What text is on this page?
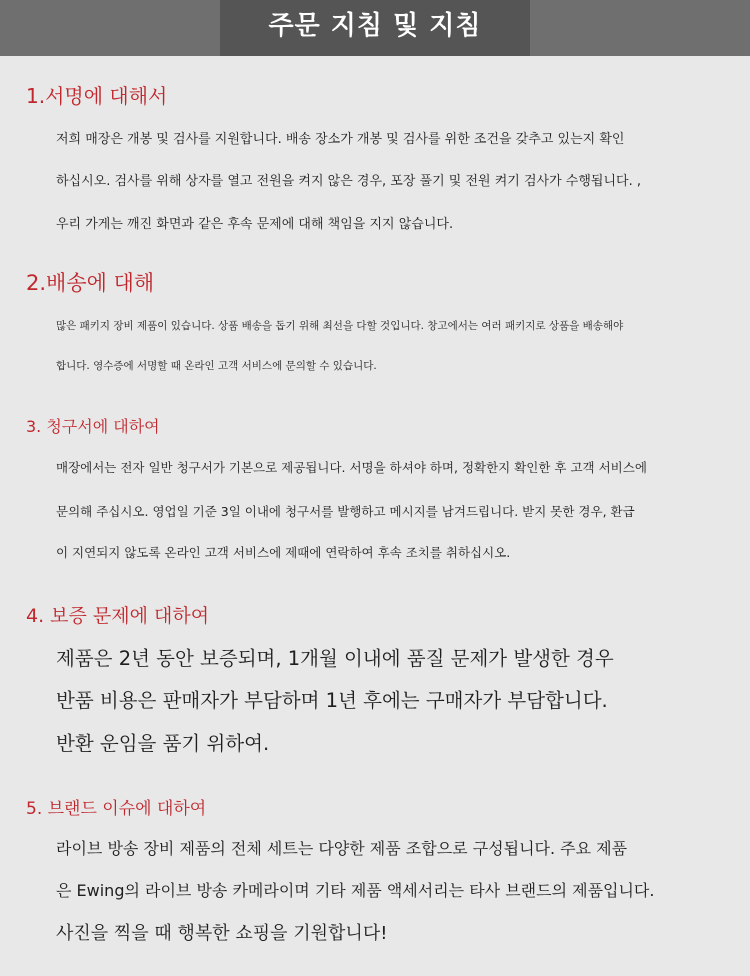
주문 지침 및 지침
1.서명에 대해서
저희 매장은 개봉 및 검사를 지원합니다. 배송 장소가 개봉 및 검사를 위한 조건을 갖추고 있는지 확인
하십시오. 검사를 위해 상자를 열고 전원을 켜지 않은 경우, 포장 풀기 및 전원 켜기 검사가 수행됩니다. ,
우리 가게는 깨진 화면과 같은 후속 문제에 대해 책임을 지지 않습니다.
2.배송에 대해
많은 패키지 장비 제품이 있습니다. 상품 배송을 돕기 위해 최선을 다할 것입니다. 창고에서는 여러 패키지로 상품을 배송해야
합니다. 영수증에 서명할 때 온라인 고객 서비스에 문의할 수 있습니다.
3. 청구서에 대하여
매장에서는 전자 일반 청구서가 기본으로 제공됩니다. 서명을 하셔야 하며, 정확한지 확인한 후 고객 서비스에
문의해 주십시오. 영업일 기준 3일 이내에 청구서를 발행하고 메시지를 남겨드립니다. 받지 못한 경우, 환급
이 지연되지 않도록 온라인 고객 서비스에 제때에 연락하여 후속 조치를 취하십시오.
4. 보증 문제에 대하여
제품은 2년 동안 보증되며, 1개월 이내에 품질 문제가 발생한 경우
반품 비용은 판매자가 부담하며 1년 후에는 구매자가 부담합니다.
반환 운임을 품기 위하여.
5. 브랜드 이슈에 대하여
라이브 방송 장비 제품의 전체 세트는 다양한 제품 조합으로 구성됩니다. 주요 제품
은 Ewing의 라이브 방송 카메라이며 기타 제품 액세서리는 타사 브랜드의 제품입니다.
사진을 찍을 때 행복한 쇼핑을 기원합니다!
